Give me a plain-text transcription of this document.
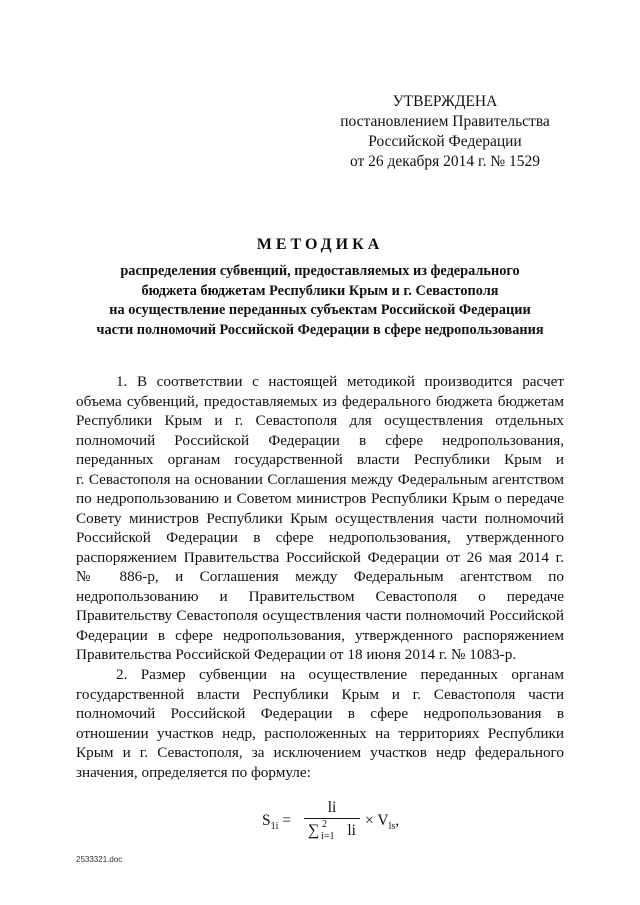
УТВЕРЖДЕНА
постановлением Правительства
Российской Федерации
от 26 декабря 2014 г. № 1529
МЕТОДИКА
распределения субвенций, предоставляемых из федерального
бюджета бюджетам Республики Крым и г. Севастополя
на осуществление переданных субъектам Российской Федерации
части полномочий Российской Федерации в сфере недропользования
1. В соответствии с настоящей методикой производится расчет
объема субвенций, предоставляемых из федерального бюджета бюджетам
Республики Крым и г. Севастополя для осуществления отдельных
полномочий Российской Федерации в сфере недропользования,
переданных органам государственной власти Республики Крым и
г. Севастополя на основании Соглашения между Федеральным агентством
по недропользованию и Советом министров Республики Крым о передаче
Совету министров Республики Крым осуществления части полномочий
Российской Федерации в сфере недропользования, утвержденного
распоряжением Правительства Российской Федерации от 26 мая 2014 г.
№ 886-р, и Соглашения между Федеральным агентством по
недропользованию и Правительством Севастополя о передаче
Правительству Севастополя осуществления части полномочий Российской
Федерации в сфере недропользования, утвержденного распоряжением
Правительства Российской Федерации от 18 июня 2014 г. № 1083-р.
2. Размер субвенции на осуществление переданных органам
государственной власти Республики Крым и г. Севастополя части
полномочий Российской Федерации в сфере недропользования в
отношении участков недр, расположенных на территориях Республики
Крым и г. Севастополя, за исключением участков недр федерального
значения, определяется по формуле:
$S_{1i}$ = li
∑ 2
i=1 li × $V_{ls}$,
2533321.doc
